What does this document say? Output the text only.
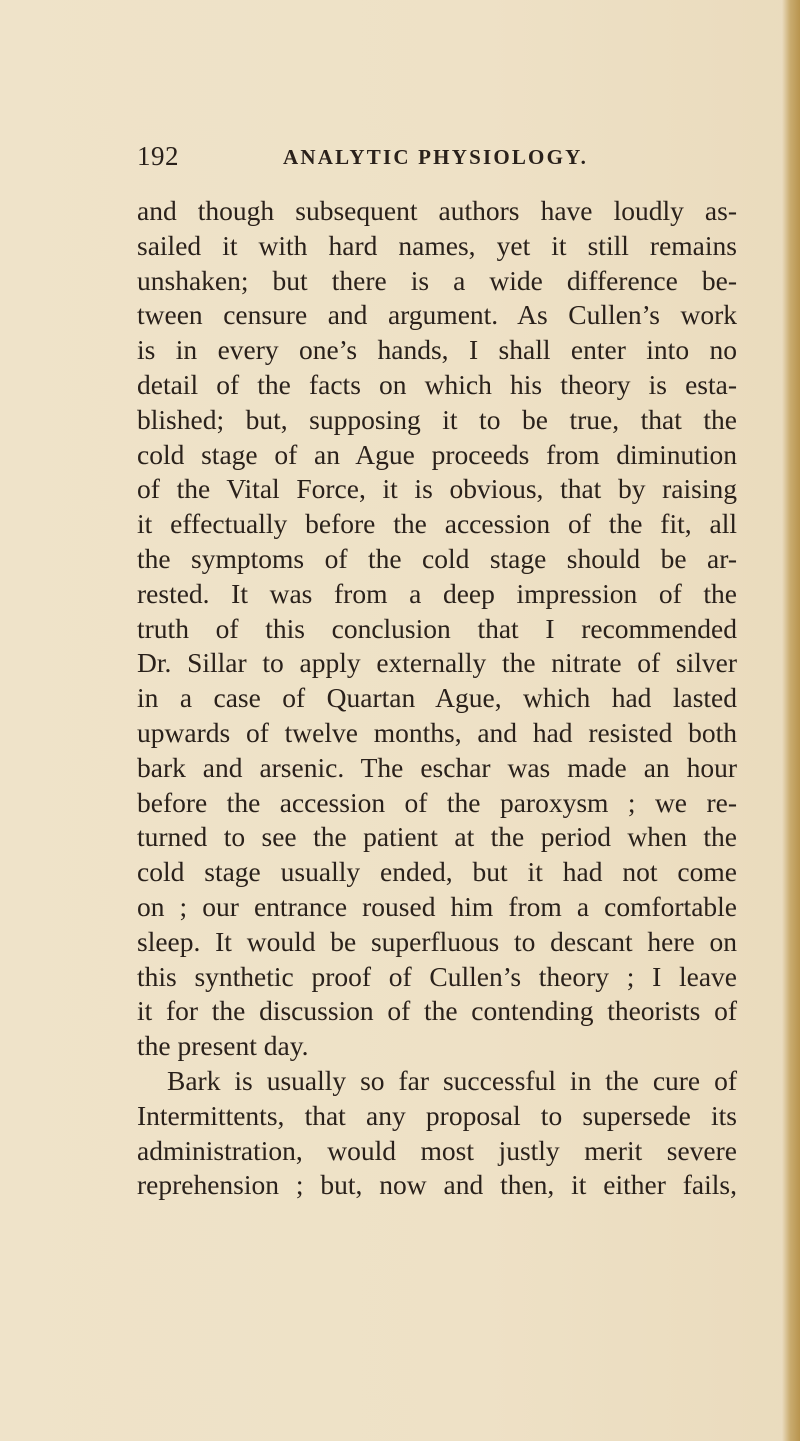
192	ANALYTIC PHYSIOLOGY.
and though subsequent authors have loudly as-
sailed it with hard names, yet it still remains
unshaken; but there is a wide difference be-
tween censure and argument. As Cullen’s work
is in every one’s hands, I shall enter into no
detail of the facts on which his theory is esta-
blished; but, supposing it to be true, that the
cold stage of an Ague proceeds from diminution
of the Vital Force, it is obvious, that by raising
it effectually before the accession of the fit, all
the symptoms of the cold stage should be ar-
rested. It was from a deep impression of the
truth of this conclusion that I recommended
Dr. Sillar to apply externally the nitrate of silver
in a case of Quartan Ague, which had lasted
upwards of twelve months, and had resisted both
bark and arsenic. The eschar was made an hour
before the accession of the paroxysm ; we re-
turned to see the patient at the period when the
cold stage usually ended, but it had not come
on ; our entrance roused him from a comfortable
sleep. It would be superfluous to descant here on
this synthetic proof of Cullen’s theory ; I leave
it for the discussion of the contending theorists of
the present day.
Bark is usually so far successful in the cure of
Intermittents, that any proposal to supersede its
administration, would most justly merit severe
reprehension ; but, now and then, it either fails,
